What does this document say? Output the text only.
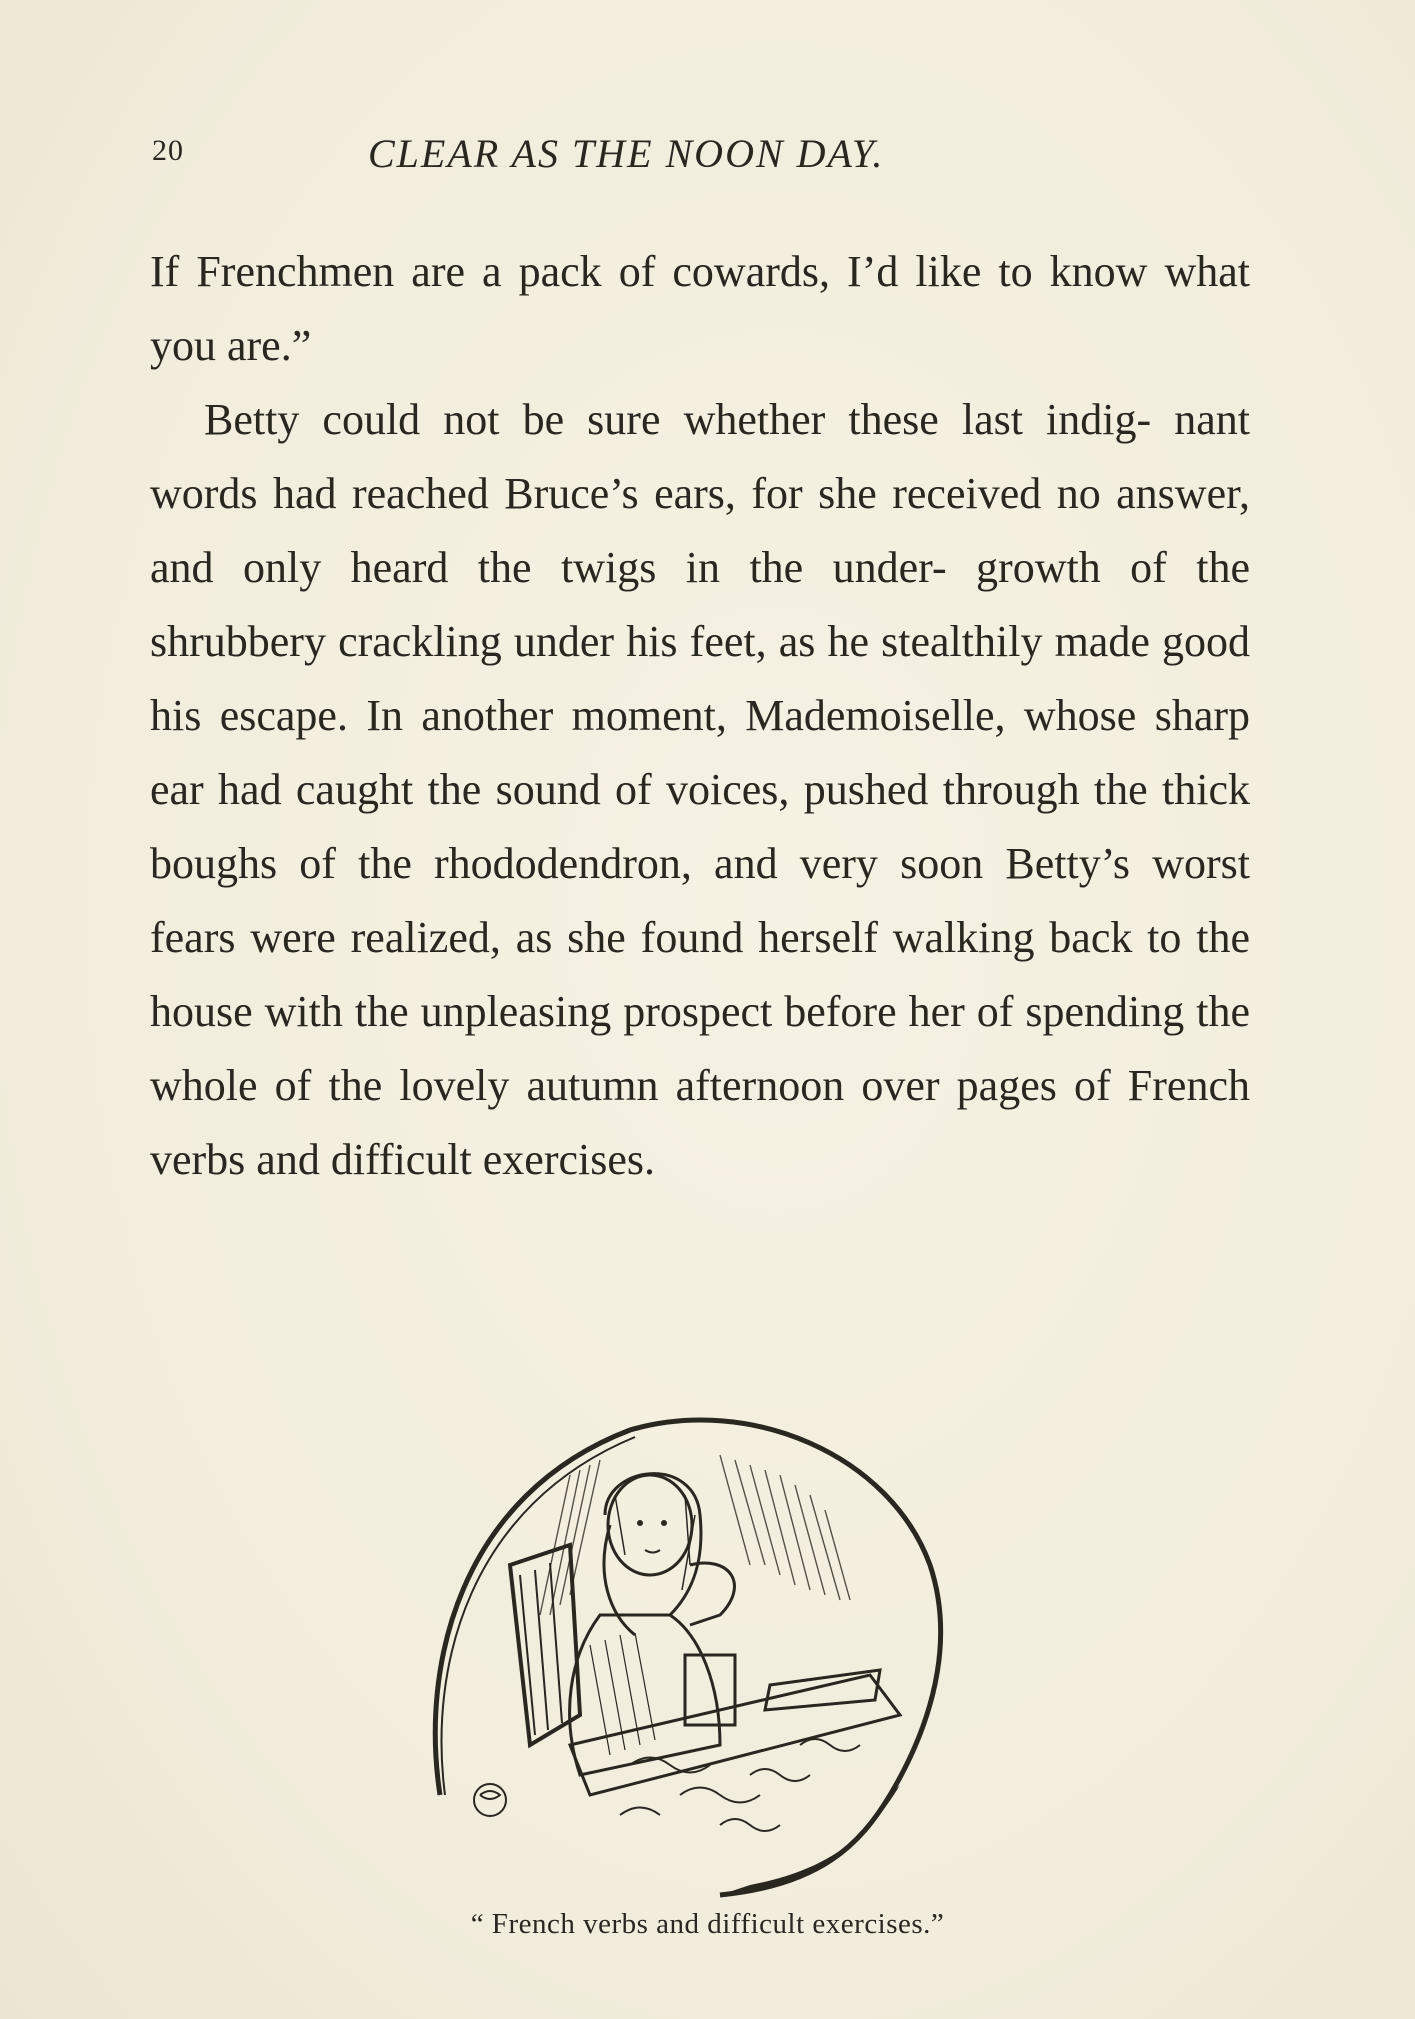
20	CLEAR AS THE NOON DAY.

If Frenchmen are a pack of cowards, I’d like to know what you are.”

Betty could not be sure whether these last indig- nant words had reached Bruce’s ears, for she received no answer, and only heard the twigs in the under- growth of the shrubbery crackling under his feet, as he stealthily made good his escape. In another moment, Mademoiselle, whose sharp ear had caught the sound of voices, pushed through the thick boughs of the rhododendron, and very soon Betty’s worst fears were realized, as she found herself walking back to the house with the unpleasing prospect before her of spending the whole of the lovely autumn afternoon over pages of French verbs and difficult exercises.

“ French verbs and difficult exercises.”
